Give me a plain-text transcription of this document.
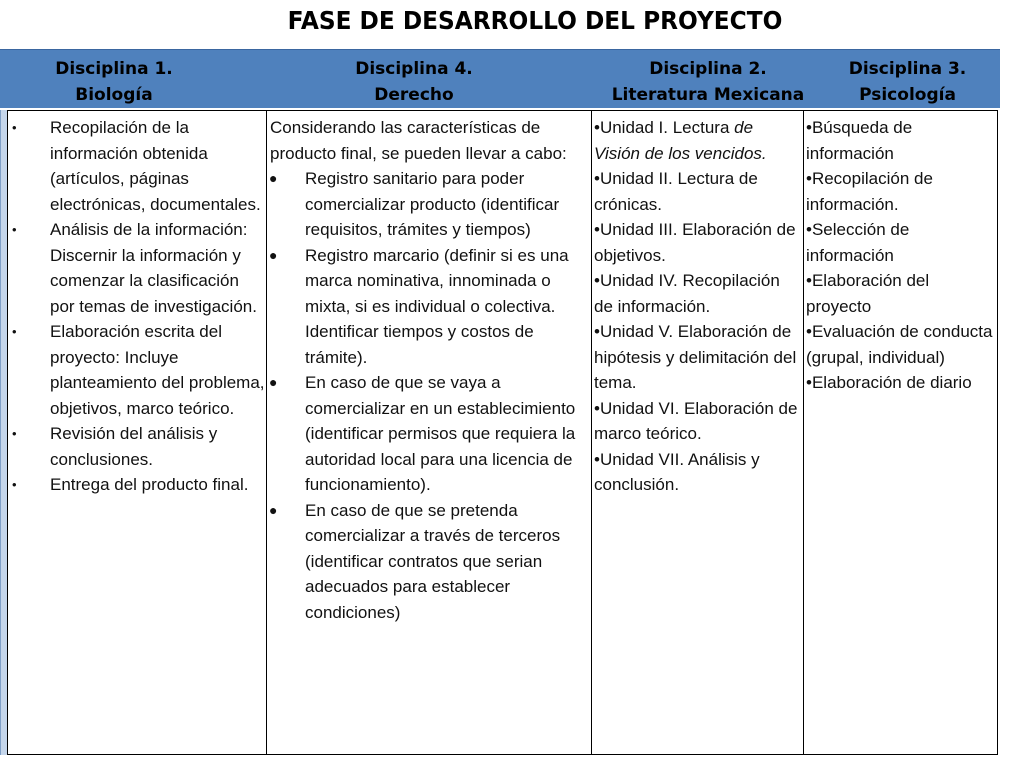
FASE DE DESARROLLO DEL PROYECTO
Disciplina 1.
Biología
Disciplina 4.
Derecho
Disciplina 2.
Literatura Mexicana
Disciplina 3.
Psicología
• Recopilación de la información obtenida (artículos, páginas electrónicas, documentales.
• Análisis de la información: Discernir la información y comenzar la clasificación por temas de investigación.
• Elaboración escrita del proyecto: Incluye planteamiento del problema, objetivos, marco teórico.
• Revisión del análisis y conclusiones.
• Entrega del producto final.

Considerando las características de producto final, se pueden llevar a cabo:

● Registro sanitario para poder comercializar producto (identificar requisitos, trámites y tiempos)
● Registro marcario (definir si es una marca nominativa, innominada o mixta, si es individual o colectiva. Identificar tiempos y costos de trámite).
● En caso de que se vaya a comercializar en un establecimiento (identificar permisos que requiera la autoridad local para una licencia de funcionamiento).
● En caso de que se pretenda comercializar a través de terceros (identificar contratos que serian adecuados para establecer condiciones)
•Unidad I. Lectura de Visión de los vencidos.
•Unidad II. Lectura de crónicas.
•Unidad III. Elaboración de objetivos.
•Unidad IV. Recopilación de información.
•Unidad V. Elaboración de hipótesis y delimitación del tema.
•Unidad VI. Elaboración de marco teórico.
•Unidad VII. Análisis y conclusión.
•Búsqueda de información
•Recopilación de información.
•Selección de información
•Elaboración del proyecto
•Evaluación de conducta (grupal, individual)
•Elaboración de diario
